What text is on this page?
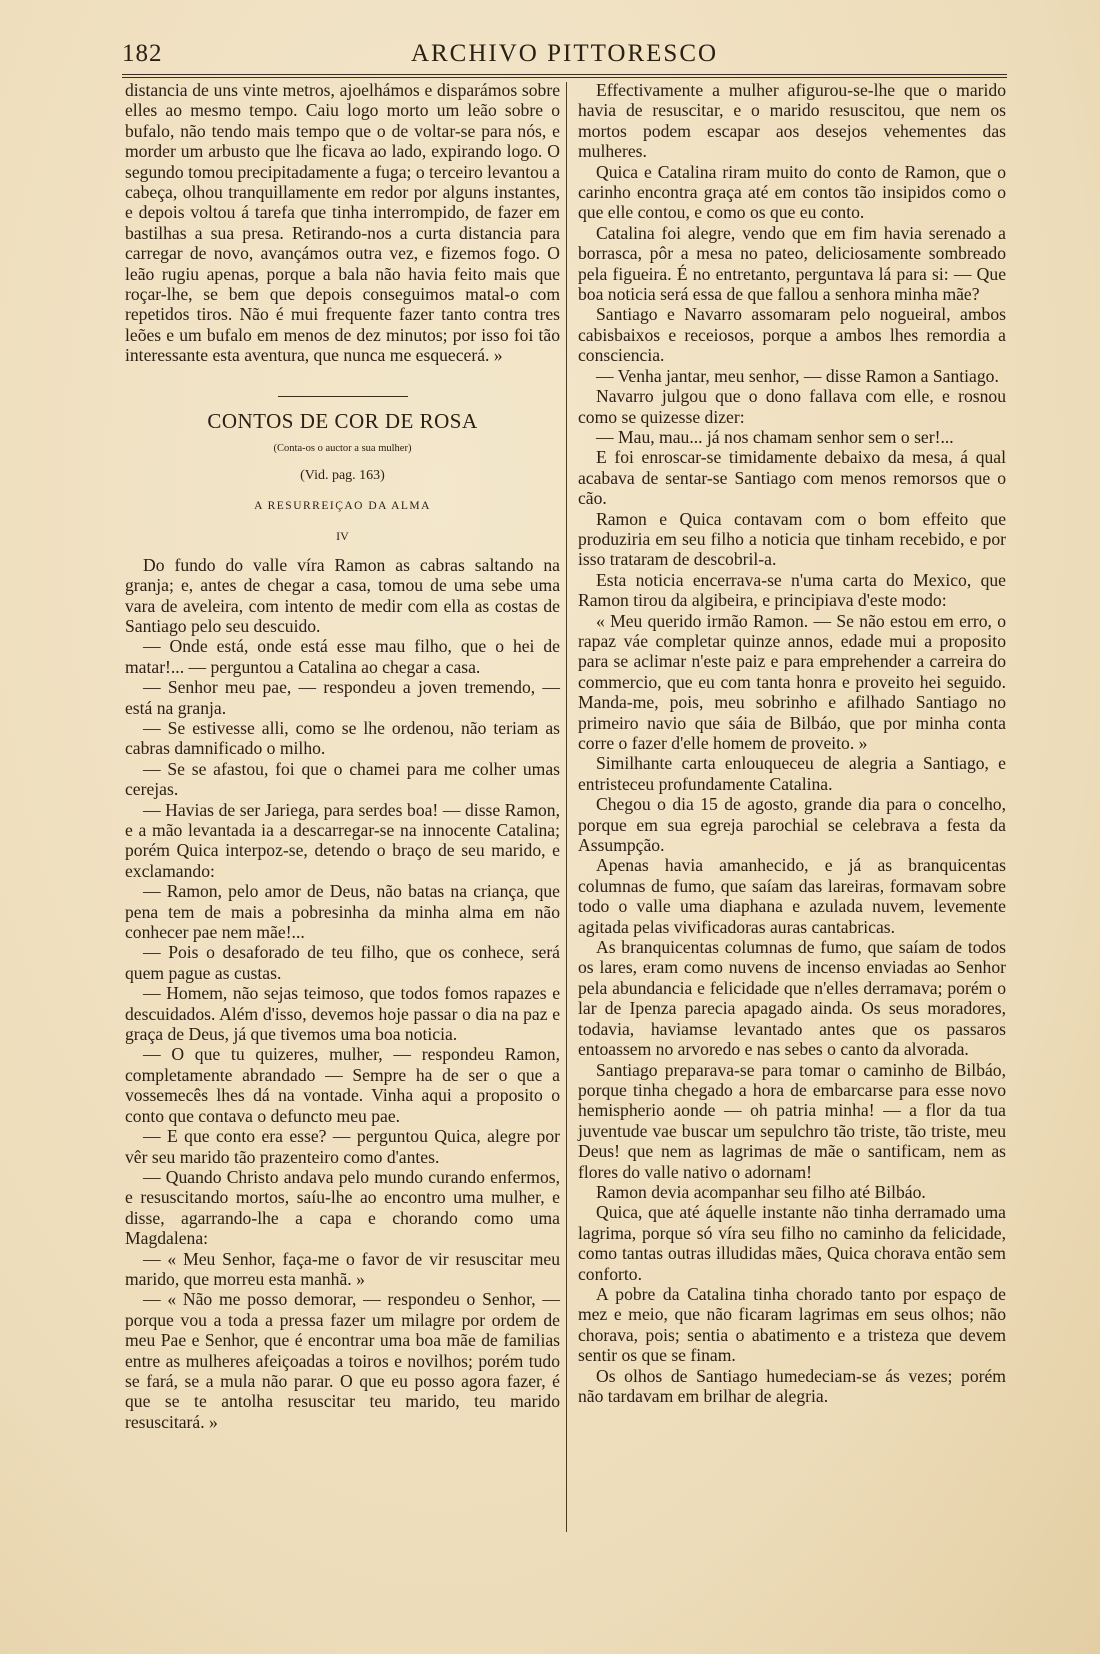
182	ARCHIVO PITTORESCO

distancia de uns vinte metros, ajoelhámos e disparámos sobre elles ao mesmo tempo. Caiu logo morto um leão sobre o bufalo, não tendo mais tempo que o de voltar-se para nós, e morder um arbusto que lhe ficava ao lado, expirando logo. O segundo tomou precipitadamente a fuga; o terceiro levantou a cabeça, olhou tranquillamente em redor por alguns instantes, e depois voltou á tarefa que tinha interrompido, de fazer em bastilhas a sua presa. Retirando-nos a curta distancia para carregar de novo, avançámos outra vez, e fizemos fogo. O leão rugiu apenas, porque a bala não havia feito mais que roçar-lhe, se bem que depois conseguimos matal-o com repetidos tiros. Não é mui frequente fazer tanto contra tres leões e um bufalo em menos de dez minutos; por isso foi tão interessante esta aventura, que nunca me esquecerá. »

CONTOS DE COR DE ROSA
(Conta-os o auctor a sua mulher)
(Vid. pag. 163)
A RESURREIÇAO DA ALMA
IV

Do fundo do valle víra Ramon as cabras saltando na granja; e, antes de chegar a casa, tomou de uma sebe uma vara de aveleira, com intento de medir com ella as costas de Santiago pelo seu descuido.

— Onde está, onde está esse mau filho, que o hei de matar!... — perguntou a Catalina ao chegar a casa.

— Senhor meu pae, — respondeu a joven tremendo, — está na granja.

— Se estivesse alli, como se lhe ordenou, não teriam as cabras damnificado o milho.

— Se se afastou, foi que o chamei para me colher umas cerejas.

— Havias de ser Jariega, para serdes boa! — disse Ramon, e a mão levantada ia a descarregar-se na innocente Catalina; porém Quica interpoz-se, detendo o braço de seu marido, e exclamando:

— Ramon, pelo amor de Deus, não batas na criança, que pena tem de mais a pobresinha da minha alma em não conhecer pae nem mãe!...

— Pois o desaforado de teu filho, que os conhece, será quem pague as custas.

— Homem, não sejas teimoso, que todos fomos rapazes e descuidados. Além d'isso, devemos hoje passar o dia na paz e graça de Deus, já que tivemos uma boa noticia.

— O que tu quizeres, mulher, — respondeu Ramon, completamente abrandado — Sempre ha de ser o que a vossemecês lhes dá na vontade. Vinha aqui a proposito o conto que contava o defuncto meu pae.

— E que conto era esse? — perguntou Quica, alegre por vêr seu marido tão prazenteiro como d'antes.

— Quando Christo andava pelo mundo curando enfermos, e resuscitando mortos, saíu-lhe ao encontro uma mulher, e disse, agarrando-lhe a capa e chorando como uma Magdalena:

— « Meu Senhor, faça-me o favor de vir resuscitar meu marido, que morreu esta manhã. »

— « Não me posso demorar, — respondeu o Senhor, — porque vou a toda a pressa fazer um milagre por ordem de meu Pae e Senhor, que é encontrar uma boa mãe de familias entre as mulheres afeiçoadas a toiros e novilhos; porém tudo se fará, se a mula não parar. O que eu posso agora fazer, é que se te antolha resuscitar teu marido, teu marido resuscitará. »

Effectivamente a mulher afigurou-se-lhe que o marido havia de resuscitar, e o marido resuscitou, que nem os mortos podem escapar aos desejos vehementes das mulheres.

Quica e Catalina riram muito do conto de Ramon, que o carinho encontra graça até em contos tão insipidos como o que elle contou, e como os que eu conto.

Catalina foi alegre, vendo que em fim havia serenado a borrasca, pôr a mesa no pateo, deliciosamente sombreado pela figueira. É no entretanto, perguntava lá para si: — Que boa noticia será essa de que fallou a senhora minha mãe?

Santiago e Navarro assomaram pelo nogueiral, ambos cabisbaixos e receiosos, porque a ambos lhes remordia a consciencia.

— Venha jantar, meu senhor, — disse Ramon a Santiago.

Navarro julgou que o dono fallava com elle, e rosnou como se quizesse dizer:

— Mau, mau... já nos chamam senhor sem o ser!...

E foi enroscar-se timidamente debaixo da mesa, á qual acabava de sentar-se Santiago com menos remorsos que o cão.

Ramon e Quica contavam com o bom effeito que produziria em seu filho a noticia que tinham recebido, e por isso trataram de descobril-a.

Esta noticia encerrava-se n'uma carta do Mexico, que Ramon tirou da algibeira, e principiava d'este modo:

« Meu querido irmão Ramon. — Se não estou em erro, o rapaz váe completar quinze annos, edade mui a proposito para se aclimar n'este paiz e para emprehender a carreira do commercio, que eu com tanta honra e proveito hei seguido. Manda-me, pois, meu sobrinho e afilhado Santiago no primeiro navio que sáia de Bilbáo, que por minha conta corre o fazer d'elle homem de proveito. »

Similhante carta enlouqueceu de alegria a Santiago, e entristeceu profundamente Catalina.

Chegou o dia 15 de agosto, grande dia para o concelho, porque em sua egreja parochial se celebrava a festa da Assumpção.

Apenas havia amanhecido, e já as branquicentas columnas de fumo, que saíam das lareiras, formavam sobre todo o valle uma diaphana e azulada nuvem, levemente agitada pelas vivificadoras auras cantabricas.

As branquicentas columnas de fumo, que saíam de todos os lares, eram como nuvens de incenso enviadas ao Senhor pela abundancia e felicidade que n'elles derramava; porém o lar de Ipenza parecia apagado ainda. Os seus moradores, todavia, haviamse levantado antes que os passaros entoassem no arvoredo e nas sebes o canto da alvorada.

Santiago preparava-se para tomar o caminho de Bilbáo, porque tinha chegado a hora de embarcarse para esse novo hemispherio aonde — oh patria minha! — a flor da tua juventude vae buscar um sepulchro tão triste, tão triste, meu Deus! que nem as lagrimas de mãe o santificam, nem as flores do valle nativo o adornam!

Ramon devia acompanhar seu filho até Bilbáo.

Quica, que até áquelle instante não tinha derramado uma lagrima, porque só víra seu filho no caminho da felicidade, como tantas outras illudidas mães, Quica chorava então sem conforto.

A pobre da Catalina tinha chorado tanto por espaço de mez e meio, que não ficaram lagrimas em seus olhos; não chorava, pois; sentia o abatimento e a tristeza que devem sentir os que se finam.

Os olhos de Santiago humedeciam-se ás vezes; porém não tardavam em brilhar de alegria.
